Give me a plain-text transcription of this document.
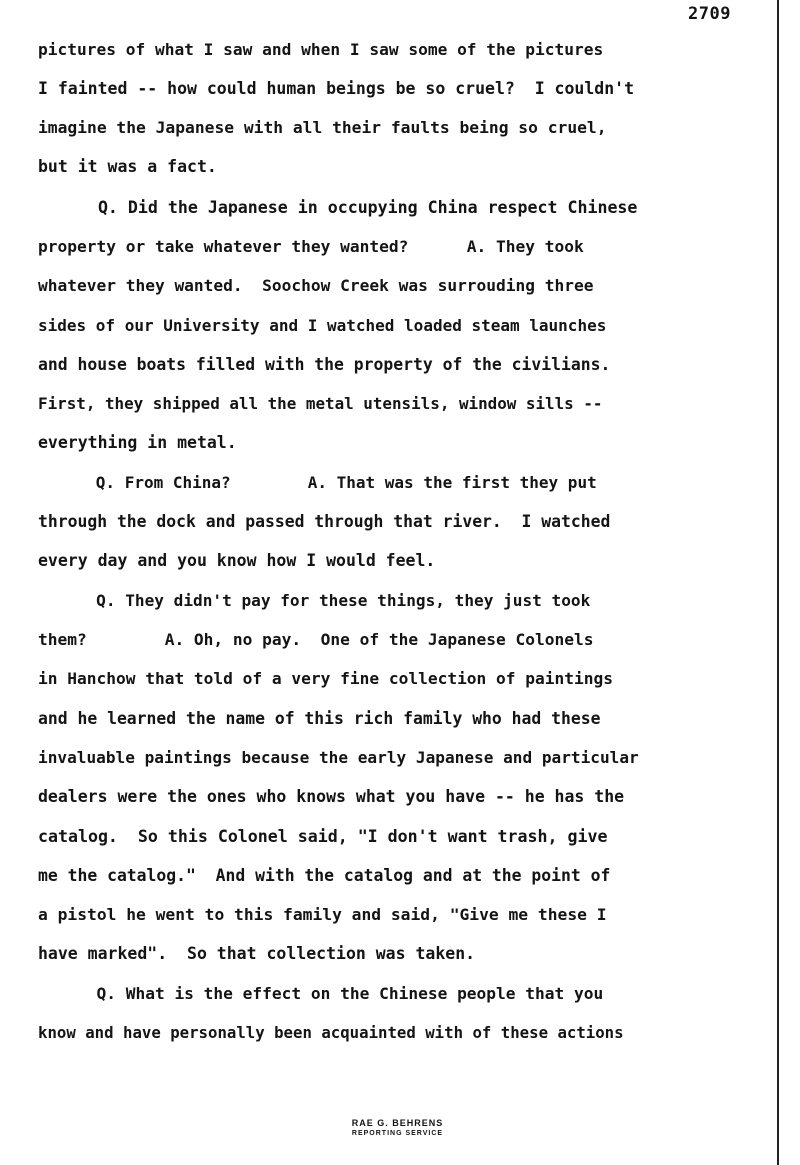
2709
pictures of what I saw and when I saw some of the pictures
I fainted -- how could human beings be so cruel?  I couldn't
imagine the Japanese with all their faults being so cruel,
but it was a fact.
Q. Did the Japanese in occupying China respect Chinese
property or take whatever they wanted?      A. They took
whatever they wanted.  Soochow Creek was surrouding three
sides of our University and I watched loaded steam launches
and house boats filled with the property of the civilians.
First, they shipped all the metal utensils, window sills --
everything in metal.
Q. From China?        A. That was the first they put
through the dock and passed through that river.  I watched
every day and you know how I would feel.
Q. They didn't pay for these things, they just took
them?        A. Oh, no pay.  One of the Japanese Colonels
in Hanchow that told of a very fine collection of paintings
and he learned the name of this rich family who had these
invaluable paintings because the early Japanese and particular
dealers were the ones who knows what you have -- he has the
catalog.  So this Colonel said, "I don't want trash, give
me the catalog."  And with the catalog and at the point of
a pistol he went to this family and said, "Give me these I
have marked".  So that collection was taken.
Q. What is the effect on the Chinese people that you
know and have personally been acquainted with of these actions
RAE G. BEHRENS
REPORTING SERVICE
